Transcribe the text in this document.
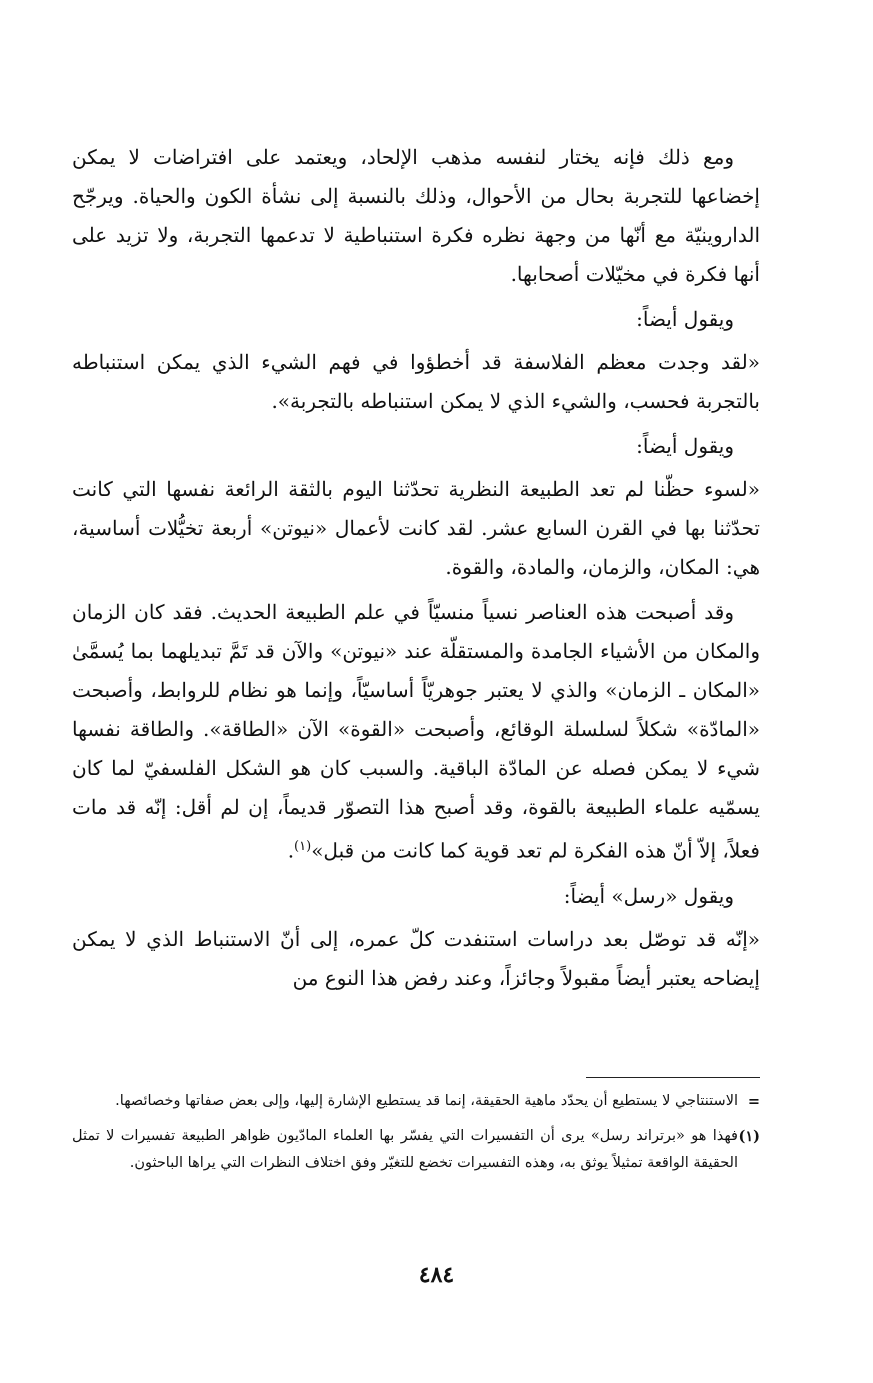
ومع ذلك فإنه يختار لنفسه مذهب الإلحاد، ويعتمد على افتراضات لا يمكن إخضاعها للتجربة بحال من الأحوال، وذلك بالنسبة إلى نشأة الكون والحياة. ويرجّح الداروينيّة مع أنّها من وجهة نظره فكرة استنباطية لا تدعمها التجربة، ولا تزيد على أنها فكرة في مخيّلات أصحابها.

ويقول أيضاً:

«لقد وجدت معظم الفلاسفة قد أخطؤوا في فهم الشيء الذي يمكن استنباطه بالتجربة فحسب، والشيء الذي لا يمكن استنباطه بالتجربة».

ويقول أيضاً:

«لسوء حظّنا لم تعد الطبيعة النظرية تحدّثنا اليوم بالثقة الرائعة نفسها التي كانت تحدّثنا بها في القرن السابع عشر. لقد كانت لأعمال «نيوتن» أربعة تخيُّلات أساسية، هي: المكان، والزمان، والمادة، والقوة.

وقد أصبحت هذه العناصر نسياً منسيّاً في علم الطبيعة الحديث. فقد كان الزمان والمكان من الأشياء الجامدة والمستقلّة عند «نيوتن» والآن قد تَمَّ تبديلهما بما يُسمَّىٰ «المكان ـ الزمان» والذي لا يعتبر جوهريّاً أساسيّاً، وإنما هو نظام للروابط، وأصبحت «المادّة» شكلاً لسلسلة الوقائع، وأصبحت «القوة» الآن «الطاقة». والطاقة نفسها شيء لا يمكن فصله عن المادّة الباقية. والسبب كان هو الشكل الفلسفيّ لما كان يسمّيه علماء الطبيعة بالقوة، وقد أصبح هذا التصوّر قديماً، إن لم أقل: إنّه قد مات فعلاً، إلاّ أنّ هذه الفكرة لم تعد قوية كما كانت من قبل»$^{(١)}$.

ويقول «رسل» أيضاً:

«إنّه قد توصّل بعد دراسات استنفدت كلّ عمره، إلى أنّ الاستنباط الذي لا يمكن إيضاحه يعتبر أيضاً مقبولاً وجائزاً، وعند رفض هذا النوع من

=
الاستنتاجي لا يستطيع أن يحدّد ماهية الحقيقة، إنما قد يستطيع الإشارة إليها، وإلى بعض صفاتها وخصائصها.
(١)
فهذا هو «برتراند رسل» يرى أن التفسيرات التي يفسّر بها العلماء المادّيون ظواهر الطبيعة تفسيرات لا تمثل الحقيقة الواقعة تمثيلاً يوثق به، وهذه التفسيرات تخضع للتغيّر وفق اختلاف النظرات التي يراها الباحثون.
٤٨٤
